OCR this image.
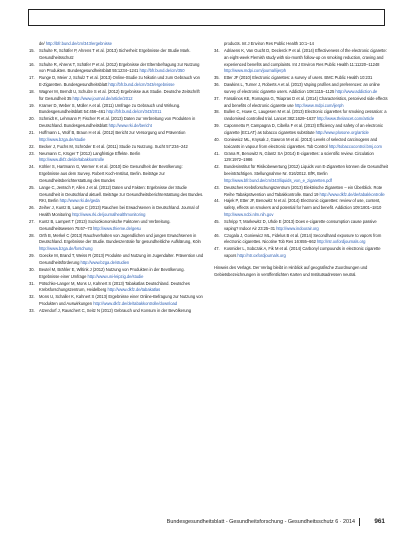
de/ http://bfr.bund.de/cm/343/ergebnisse

15. Schulte R, Schäfer P, Ahrens T et al. (2013) Sicherheit: Ergebnisse der Studie Mark. Gesundheitsschutz

16. Schulte R, Ahrens T, Schäfer P et al. (2012) Ergebnisse der Elternbefragung zur Nutzung von Produkten. Bundesgesundheitsblatt 55:1234–1241 http://bfr.bund.de/cm/350

17. Runge D, Meier J, Schulz T et al. (2013) Online-Studie zu Nikotin und zum Gebrauch von E-Zigaretten. Bundesgesundheitsblatt http://bfr.bund.de/cm/343/ergebnisse

18. Wagner M, Berndt U, Schulze S et al. (2012) Ergebnisse aus Studie. Deutsche Zeitschrift für Gesundheit 35 http://www.journal.de/article/2012

19. Kramer D, Weber S, Müller A et al. (2011) Umfrage zu Gebrauch und Wirkung. Bundesgesundheitsblatt 54:456–461 http://bfr.bund.de/cm/343/2011

20. Schmidt K, Lehmann P, Fischer R et al. (2013) Daten zur Verbreitung von Produkten in Deutschland. Bundesgesundheitsblatt http://www.rki.de/bericht

21. Hoffmann L, Wolf B, Braun H et al. (2012) Bericht zur Versorgung und Prävention http://www.bzga.de/studie

22. Becker J, Fuchs M, Schröder E et al. (2011) Studie zu Nutzung. Sucht 57:234–242

23. Neumann C, Krüger T (2012) Langfristige Effekte. Berlin http://www.dkfz.de/de/tabakkontrolle

24. Köhler S, Hartmann G, Werner K et al. (2010) Die Gesundheit der Bevölkerung: Ergebnisse aus dem Survey. Robert Koch-Institut, Berlin. Beiträge zur Gesundheitsberichterstattung des Bundes

25. Lange C, Jentsch F, Allen J et al. (2012) Daten und Fakten: Ergebnisse der Studie Gesundheit in Deutschland aktuell. Beiträge zur Gesundheitsberichterstattung des Bundes. RKI, Berlin http://www.rki.de/geda

26. Zeiher J, Kuntz B, Lange C (2013) Rauchen bei Erwachsenen in Deutschland. Journal of Health Monitoring http://www.rki.de/journalhealthmonitoring

27. Kuntz B, Lampert T (2013) Sozioökonomische Faktoren und Verbreitung. Gesundheitswesen 75:67–73 http://www.thieme.de/gesu

28. Orth B, Merkel C (2013) Rauchverhalten von Jugendlichen und jungen Erwachsenen in Deutschland. Ergebnisse der Studie. Bundeszentrale für gesundheitliche Aufklärung, Köln http://www.bzga.de/forschung

29. Goecke M, Brand T, Weiss R (2013) Produkte und Nutzung im Jugendalter. Prävention und Gesundheitsförderung http://www.bzga.de/studien

30. Beutel M, Brähler E, Wiltink J (2012) Nutzung von Produkten in der Bevölkerung. Ergebnisse einer Umfrage http://www.uni-leipzig.de/studie

31. Pötschke-Langer M, Mons U, Kahnert S (2013) Tabakatlas Deutschland. Deutsches Krebsforschungszentrum, Heidelberg http://www.dkfz.de/tabakatlas

32. Mons U, Schaller K, Kahnert S (2013) Ergebnisse einer Online-Befragung zur Nutzung von Produkten und Auswirkungen http://www.dkfz.de/de/tabakkontrolle/download

33. Atzendorf J, Rauschert C, Seitz N (2012) Gebrauch und Konsum in der Bevölkerung

products. Int J Environ Res Public Health 10:1–14

34. Adriaens K, Van Gucht D, Declerck P et al. (2014) Effectiveness of the electronic cigarette: an eight-week Flemish study with six-month follow-up on smoking reduction, craving and experienced benefits and complaints. Int J Environ Res Public Health 11:11220–11248 http://www.mdpi.com/journal/ijerph

35. Etter JF (2010) Electronic cigarettes: a survey of users. BMC Public Health 10:231

36. Dawkins L, Turner J, Roberts A et al. (2013) Vaping profiles and preferences: an online survey of electronic cigarette users. Addiction 108:1115–1125 http://www.addiction.de

37. Farsalinos KE, Romagna G, Tsiapras D et al. (2014) Characteristics, perceived side effects and benefits of electronic cigarette use http://www.mdpi.com/ijerph

38. Bullen C, Howe C, Laugesen M et al. (2013) Electronic cigarettes for smoking cessation: a randomised controlled trial. Lancet 382:1629–1637 http://www.thelancet.com/article

39. Caponnetto P, Campagna D, Cibella F et al. (2013) Efficiency and safety of an electronic cigarette (ECLAT) as tobacco cigarettes substitute http://www.plosone.org/article

40. Goniewicz ML, Knysak J, Gawron M et al. (2013) Levels of selected carcinogens and toxicants in vapour from electronic cigarettes. Tob Control http://tobaccocontrol.bmj.com

41. Grana R, Benowitz N, Glantz SA (2014) E-cigarettes: a scientific review. Circulation 129:1972–1986

42. Bundesinstitut für Risikobewertung (2012) Liquids von E-Zigaretten können die Gesundheit beeinträchtigen. Stellungnahme Nr. 016/2012. BfR, Berlin http://www.bfr.bund.de/cm/343/liquids_von_e_zigaretten.pdf

43. Deutsches Krebsforschungszentrum (2013) Elektrische Zigaretten – ein Überblick. Rote Reihe Tabakprävention und Tabakkontrolle. Band 19 http://www.dkfz.de/de/tabakkontrolle

44. Hajek P, Etter JF, Benowitz N et al. (2014) Electronic cigarettes: review of use, content, safety, effects on smokers and potential for harm and benefit. Addiction 109:1801–1810 http://www.ncbi.nlm.nih.gov

45. Schripp T, Markewitz D, Uhde E (2013) Does e-cigarette consumption cause passive vaping? Indoor Air 23:25–31 http://www.indoorair.org

46. Czogala J, Goniewicz ML, Fidelus B et al. (2014) Secondhand exposure to vapors from electronic cigarettes. Nicotine Tob Res 16:655–662 http://ntr.oxfordjournals.org

47. Kosmider L, Sobczak A, Fik M et al. (2014) Carbonyl compounds in electronic cigarette vapors http://ntr.oxfordjournals.org

Hinweis des Verlags. Der Verlag bleibt in Hinblick auf geografische Zuordnungen und Gebietsbezeichnungen in veröffentlichten Karten und Institutsadressen neutral.

Bundesgesundheitsblatt - Gesundheitsforschung - Gesundheitsschutz 6 · 2014	961
